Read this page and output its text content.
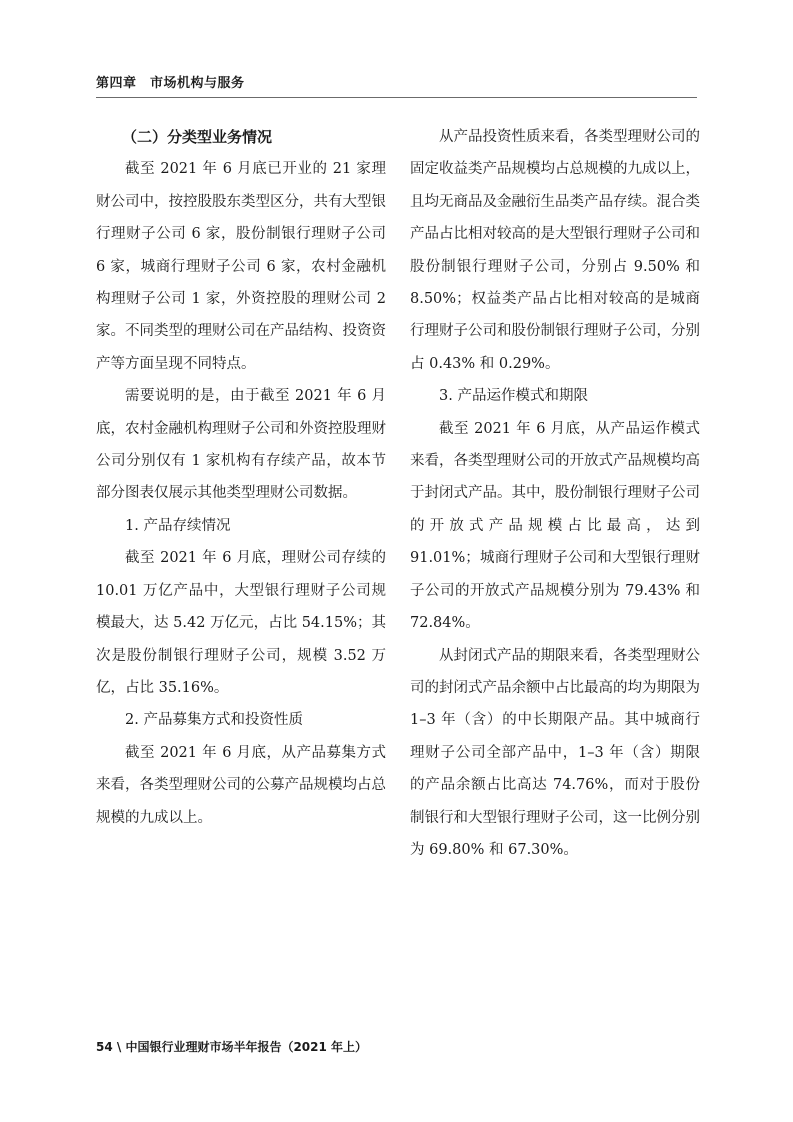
第四章　市场机构与服务

（二）分类型业务情况

截至 2021 年 6 月底已开业的 21 家理财公司中，按控股股东类型区分，共有大型银行理财子公司 6 家，股份制银行理财子公司 6 家，城商行理财子公司 6 家，农村金融机构理财子公司 1 家，外资控股的理财公司 2 家。不同类型的理财公司在产品结构、投资资产等方面呈现不同特点。

需要说明的是，由于截至 2021 年 6 月底，农村金融机构理财子公司和外资控股理财公司分别仅有 1 家机构有存续产品，故本节部分图表仅展示其他类型理财公司数据。

1. 产品存续情况

截至 2021 年 6 月底，理财公司存续的 10.01 万亿产品中，大型银行理财子公司规模最大，达 5.42 万亿元，占比 54.15%；其次是股份制银行理财子公司，规模 3.52 万亿，占比 35.16%。

2. 产品募集方式和投资性质

截至 2021 年 6 月底，从产品募集方式来看，各类型理财公司的公募产品规模均占总规模的九成以上。

从产品投资性质来看，各类型理财公司的固定收益类产品规模均占总规模的九成以上，且均无商品及金融衍生品类产品存续。混合类产品占比相对较高的是大型银行理财子公司和股份制银行理财子公司，分别占 9.50% 和 8.50%；权益类产品占比相对较高的是城商行理财子公司和股份制银行理财子公司，分别占 0.43% 和 0.29%。

3. 产品运作模式和期限

截至 2021 年 6 月底，从产品运作模式来看，各类型理财公司的开放式产品规模均高于封闭式产品。其中，股份制银行理财子公司的开放式产品规模占比最高，达到 91.01%；城商行理财子公司和大型银行理财子公司的开放式产品规模分别为 79.43% 和 72.84%。

从封闭式产品的期限来看，各类型理财公司的封闭式产品余额中占比最高的均为期限为 1–3 年（含）的中长期限产品。其中城商行理财子公司全部产品中，1–3 年（含）期限的产品余额占比高达 74.76%，而对于股份制银行和大型银行理财子公司，这一比例分别为 69.80% 和 67.30%。

54 \ 中国银行业理财市场半年报告（2021 年上）
